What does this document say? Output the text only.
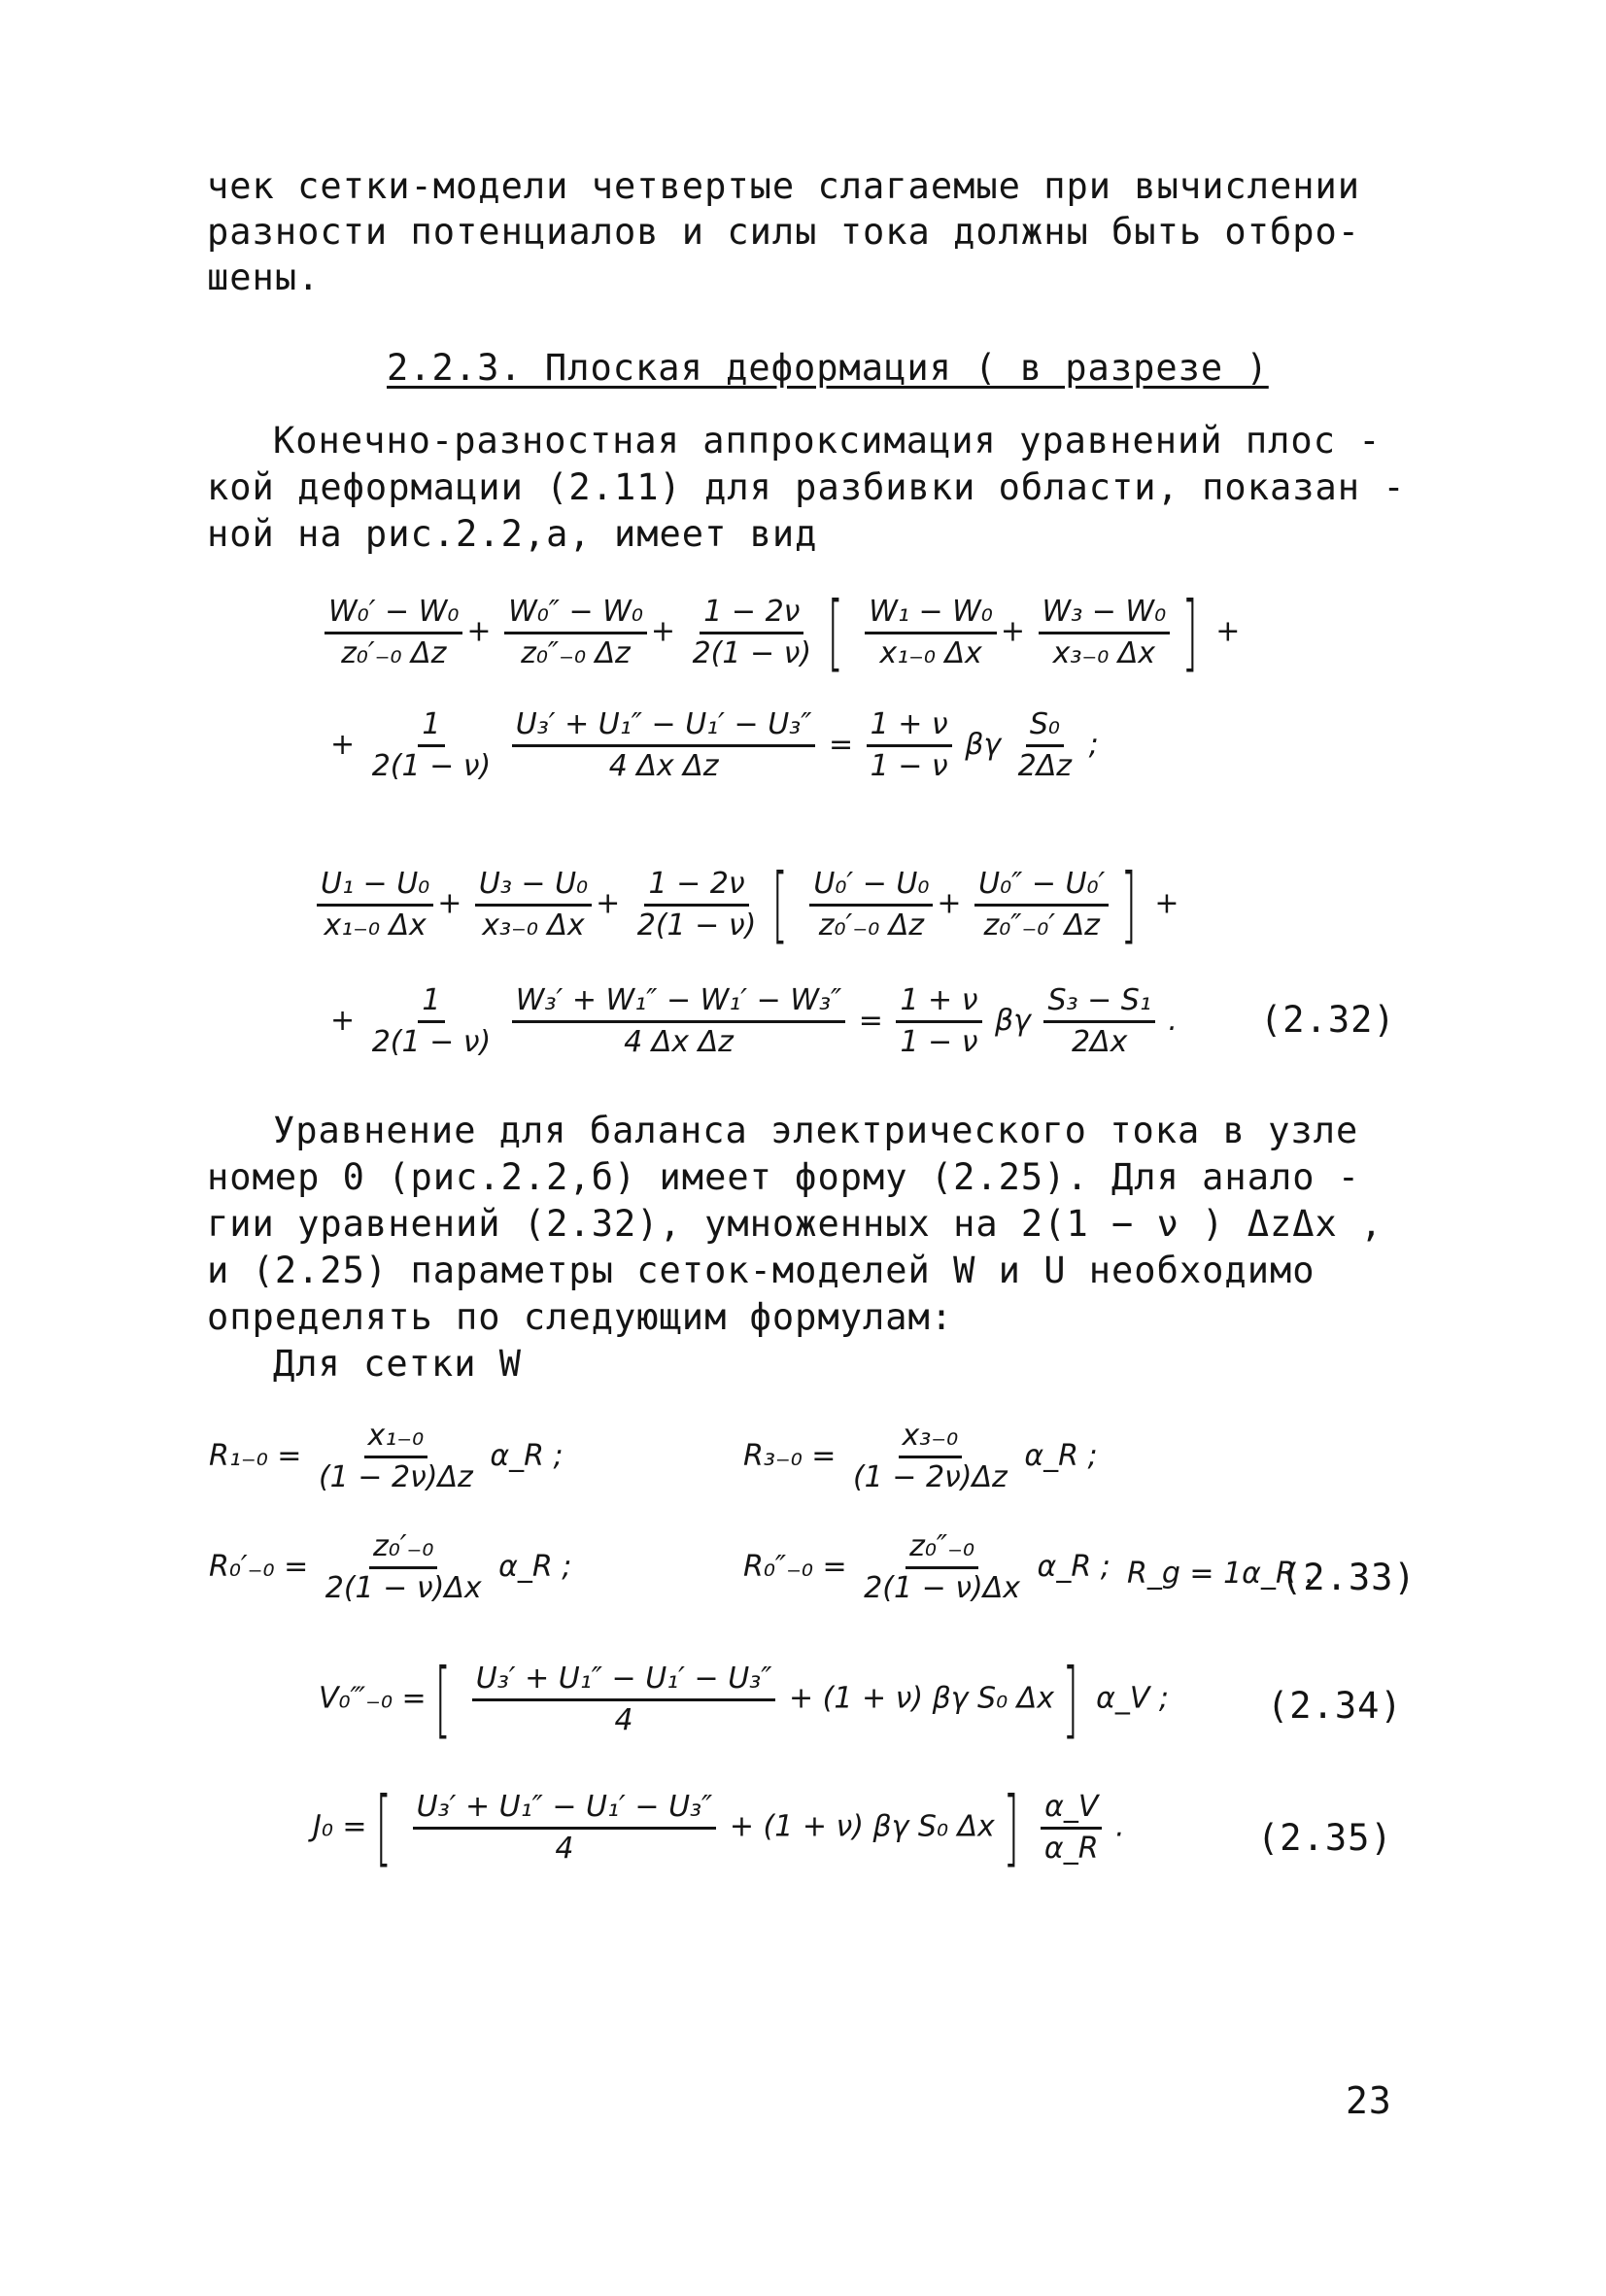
чек сетки-модели четвертые слагаемые при вычислении
разности потенциалов и силы тока должны быть отбро-
шены.
2.2.3. Плоская деформация ( в разрезе )
Конечно-разностная аппроксимация уравнений плос -
кой деформации (2.11) для разбивки области, показан -
ной на рис.2.2,а, имеет вид
$\frac{\text{W₀′ − W₀}}{\text{z₀′₋₀ Δz}} + \frac{\text{W₀″ − W₀}}{\text{z₀″₋₀ Δz}} + \frac{1 - 2\nu}{2(1 - \nu)}$ [ $\frac{\text{W₁ − W₀}}{\text{x₁₋₀ Δx}} + \frac{\text{W₃ − W₀}}{\text{x₃₋₀ Δx}}$ ] +
+ $\frac{1}{2(1 - \nu)}$
$\frac{\text{U₃′ + U₁″ − U₁′ − U₃″}}{\text{4 Δx Δz}} = \frac{1 + \nu}{1 - \nu}$ βγ $\frac{\text{S₀}}{2\Delta z}$ ;
$\frac{\text{U₁ − U₀}}{\text{x₁₋₀ Δx}} + \frac{\text{U₃ − U₀}}{\text{x₃₋₀ Δx}} + \frac{1 - 2\nu}{2(1 - \nu)}$ [ $\frac{\text{U₀′ − U₀}}{\text{z₀′₋₀ Δz}} + \frac{\text{U₀″ − U₀′}}{\text{z₀″₋₀′ Δz}}$ ] +
+ $\frac{1}{2(1 - \nu)}$
$\frac{\text{W₃′ + W₁″ − W₁′ − W₃″}}{\text{4 Δx Δz}} = \frac{1 + \nu}{1 - \nu}$ βγ $\frac{\text{S₃ − S₁}}{2\Delta x}$ . (2.32)
Уравнение для баланса электрического тока в узле
номер 0 (рис.2.2,б) имеет форму (2.25). Для анало -
гии уравнений (2.32), умноженных на 2(1 − ν ) ΔzΔx ,
и (2.25) параметры сеток-моделей W и U необходимо
определять по следующим формулам:
Для сетки W
$R_{1-0} = \frac{\text{x₁₋₀}}{(1 - 2\nu)\Delta z}$ α_R ;	$R_{3-0} = \frac{\text{x₃₋₀}}{(1 - 2\nu)\Delta z}$ α_R ;
$R_0'_{-0} = \frac{\text{z₀′₋₀}}{2(1 - \nu)\Delta x}$ α_R ;	$R_0''_{-0} = \frac{\text{z₀″₋₀}}{2(1 - \nu)\Delta x}$ α_R ; R_g = 1α_R .
(2.33)
V₀‴₋₀ =[ $\frac{\text{U₃′ + U₁″ − U₁′ − U₃″}}{4} + (1 + \nu)$ βγ S₀ Δx] α_V ;	(2.34)
J₀ =[ $\frac{\text{U₃′ + U₁″ − U₁′ − U₃″}}{4} + (1 + \nu)$ βγ S₀ $\Delta x] \frac{\alpha\_V}{\alpha\_R}$ .	(2.35)
23
